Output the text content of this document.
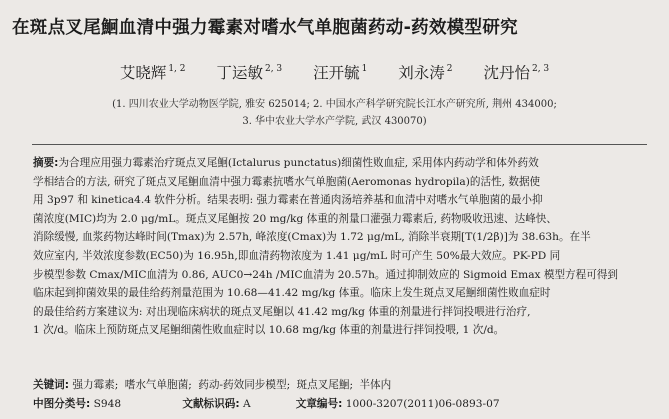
在斑点叉尾鮰血清中强力霉素对嗜水气单胞菌药动-药效模型研究
艾晓辉 $^{1, 2}$ 丁运敏 $^{2, 3}$ 汪开毓 $^1$ 刘永涛 $^2$ 沈丹怡 $^{2, 3}$
(1. 四川农业大学动物医学院, 雅安 625014; 2. 中国水产科学研究院长江水产研究所, 荆州 434000;
3. 华中农业大学水产学院, 武汉 430070)
摘要:为合理应用强力霉素治疗斑点叉尾鮰(Ictalurus punctatus)细菌性败血症, 采用体内药动学和体外药效
学相结合的方法, 研究了斑点叉尾鮰血清中强力霉素抗嗜水气单胞菌(Aeromonas hydropila)的活性, 数据使
用 3p97 和 kinetica4.4 软件分析。结果表明: 强力霉素在普通肉汤培养基和血清中对嗜水气单胞菌的最小抑
菌浓度(MIC)均为 2.0 μg/mL。斑点叉尾鮰按 20 mg/kg 体重的剂量口灌强力霉素后, 药物吸收迅速、达峰快、
消除缓慢, 血浆药物达峰时间(Tmax)为 2.57h, 峰浓度(Cmax)为 1.72 μg/mL, 消除半衰期[T(1/2β)]为 38.63h。在半
效应室内, 半效浓度参数(EC50)为 16.95h,即血清药物浓度为 1.41 μg/mL 时可产生 50%最大效应。PK-PD 同
步模型参数 Cmax/MIC血清为 0.86, AUC0→24h /MIC血清为 20.57h。通过抑制效应的 Sigmoid Emax 模型方程可得到
临床起到抑菌效果的最佳给药剂量范围为 10.68—41.42 mg/kg 体重。临床上发生斑点叉尾鮰细菌性败血症时
的最佳给药方案建议为: 对出现临床病状的斑点叉尾鮰以 41.42 mg/kg 体重的剂量进行拌饲投喂进行治疗,
1 次/d。临床上预防斑点叉尾鮰细菌性败血症时以 10.68 mg/kg 体重的剂量进行拌饲投喂, 1 次/d。
关键词: 强力霉素; 嗜水气单胞菌; 药动-药效同步模型; 斑点叉尾鮰; 半体内
中图分类号: S948	文献标识码: A	文章编号: 1000-3207(2011)06-0893-07
